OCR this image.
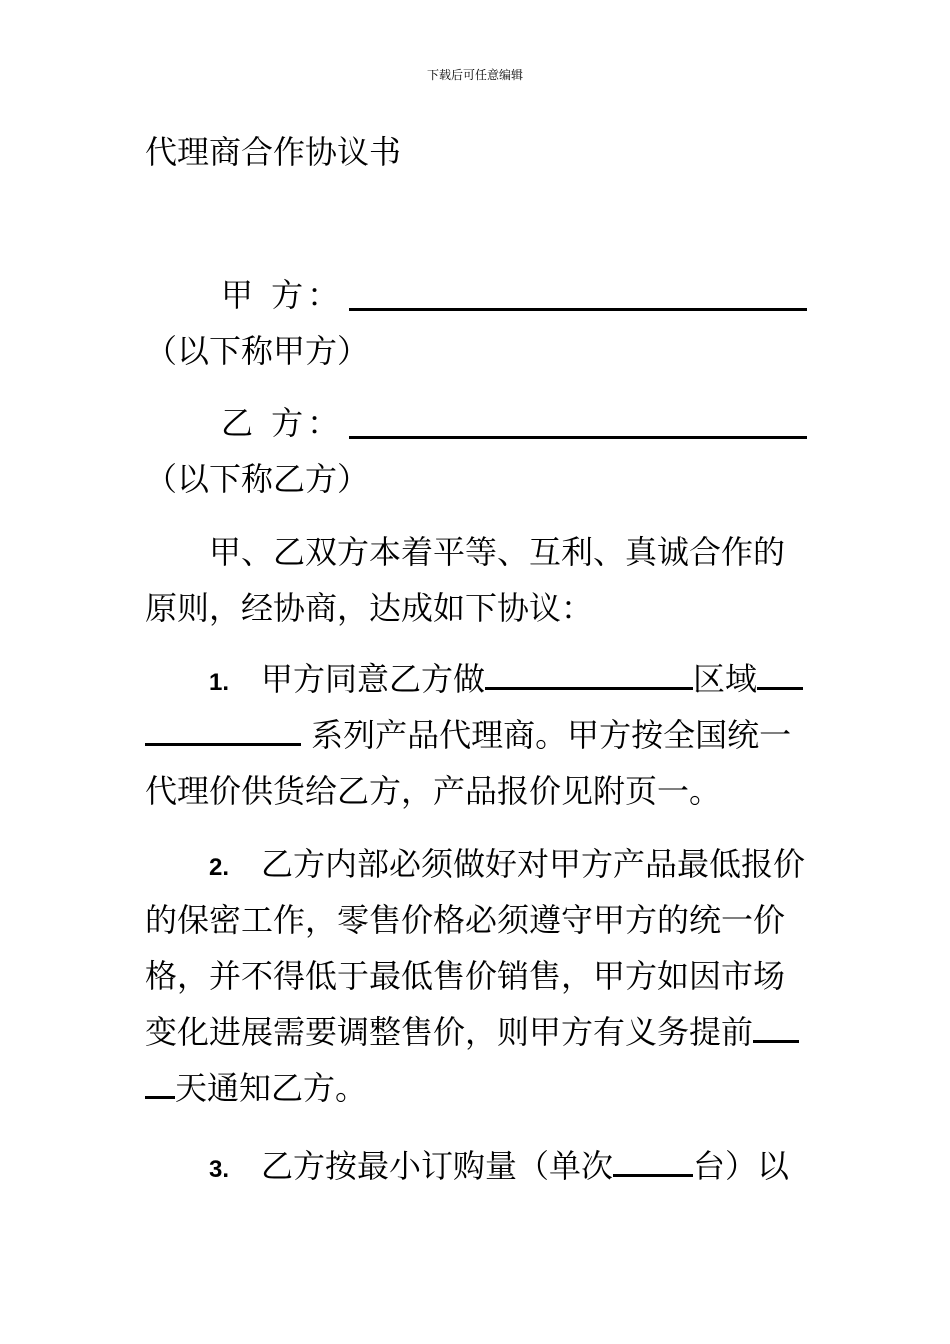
下载后可任意编辑
代理商合作协议书
甲 方：
（以下称甲方）
乙 方：
（以下称乙方）
甲、乙双方本着平等、互利、真诚合作的
原则，经协商，达成如下协议：
1. 甲方同意乙方做	区域
系列产品代理商。甲方按全国统一
代理价供货给乙方，产品报价见附页一。
2. 乙方内部必须做好对甲方产品最低报价
的保密工作，零售价格必须遵守甲方的统一价
格，并不得低于最低售价销售，甲方如因市场
变化进展需要调整售价，则甲方有义务提前
天通知乙方。
3. 乙方按最小订购量（单次	台）以
